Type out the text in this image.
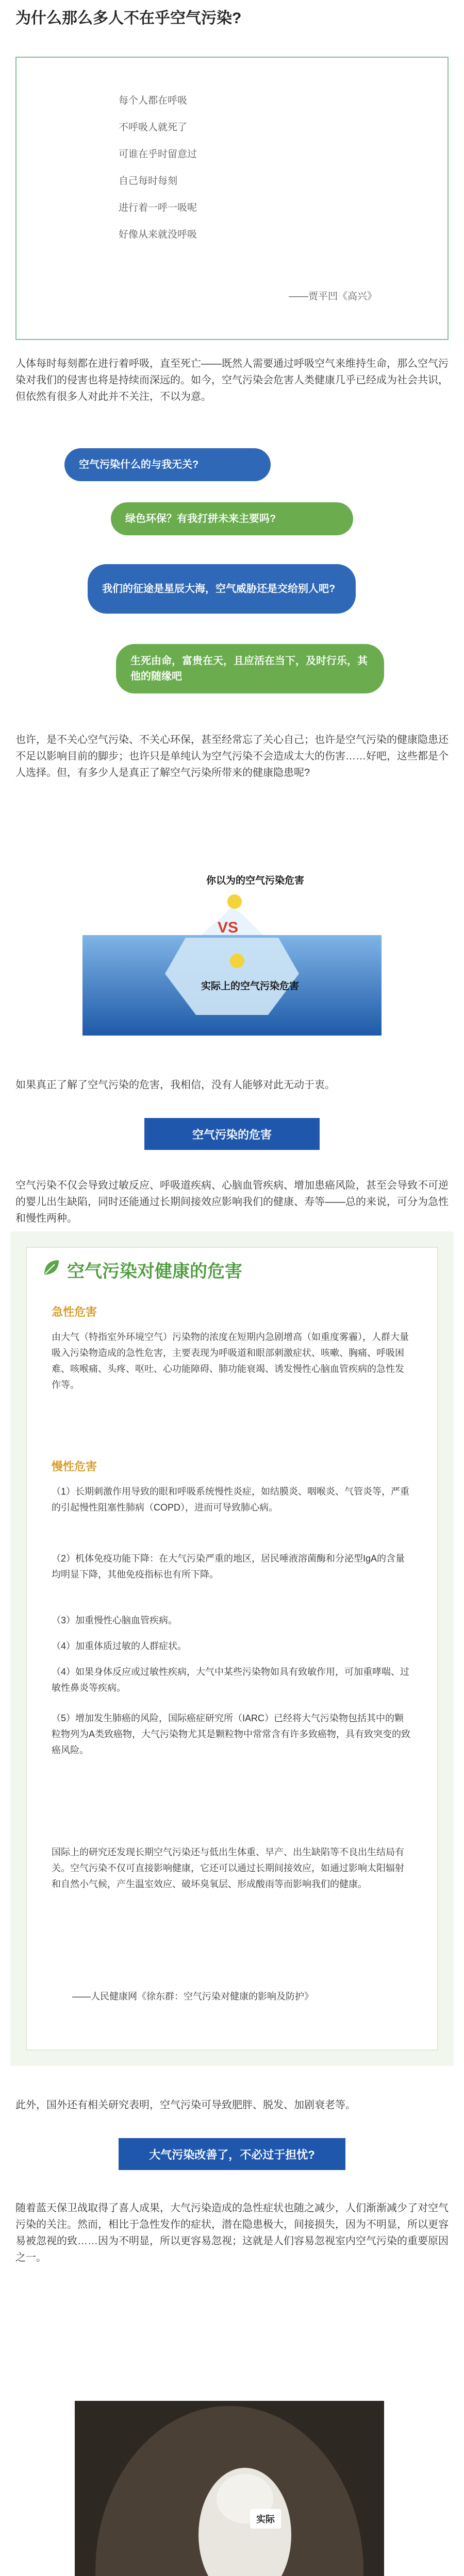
为什么那么多人不在乎空气污染?
每个人都在呼吸
不呼吸人就死了
可谁在乎时留意过
自己每时每刻
进行着一呼一吸呢
好像从来就没呼吸
——贾平凹《高兴》
人体每时每刻都在进行着呼吸，直至死亡——既然人需要通过呼吸空气来维持生命，那么空气污染对我们的侵害也将是持续而深远的。如今，空气污染会危害人类健康几乎已经成为社会共识，但依然有很多人对此并不关注，不以为意。
空气污染什么的与我无关?
绿色环保？有我打拼未来主要吗?
我们的征途是星辰大海，空气威胁还是交给别人吧?
生死由命，富贵在天，且应活在当下，及时行乐，其他的随缘吧
也许，是不关心空气污染、不关心环保，甚至经常忘了关心自己；也许是空气污染的健康隐患还不足以影响目前的脚步；也许只是单纯认为空气污染不会造成太大的伤害……好吧，这些都是个人选择。但，有多少人是真正了解空气污染所带来的健康隐患呢?
你以为的空气污染危害
VS
实际上的空气污染危害
如果真正了解了空气污染的危害，我相信，没有人能够对此无动于衷。
空气污染的危害
空气污染不仅会导致过敏反应、呼吸道疾病、心脑血管疾病、增加患癌风险，甚至会导致不可逆的婴儿出生缺陷，同时还能通过长期间接效应影响我们的健康、寿等——总的来说，可分为急性和慢性两种。
空气污染对健康的危害
急性危害
由大气（特指室外环境空气）污染物的浓度在短期内急剧增高（如重度雾霾），人群大量吸入污染物造成的急性危害，主要表现为呼吸道和眼部刺激症状、咳嗽、胸痛、呼吸困难、咳喉痛、头疼、呕吐、心功能障碍、肺功能衰竭、诱发慢性心脑血管疾病的急性发作等。
慢性危害
（1）长期刺激作用导致的眼和呼吸系统慢性炎症，如结膜炎、咽喉炎、气管炎等，严重的引起慢性阻塞性肺病（COPD），进而可导致肺心病。
（2）机体免疫功能下降：在大气污染严重的地区，居民唾液溶菌酶和分泌型IgA的含量均明显下降，其他免疫指标也有所下降。
（3）加重慢性心脑血管疾病。
（4）加重体质过敏的人群症状。
（4）如果身体反应或过敏性疾病，大气中某些污染物如具有致敏作用，可加重哮喘、过敏性鼻炎等疾病。
（5）增加发生肺癌的风险，国际癌症研究所（IARC）已经将大气污染物包括其中的颗粒物列为A类致癌物，大气污染物尤其是颗粒物中常常含有许多致癌物，具有致突变的致癌风险。
国际上的研究还发现长期空气污染还与低出生体重、早产、出生缺陷等不良出生结局有关。空气污染不仅可直接影响健康，它还可以通过长期间接效应，如通过影响太阳辐射和自然小气候，产生温室效应、破坏臭氧层、形成酸雨等而影响我们的健康。
——人民健康网《徐东群：空气污染对健康的影响及防护》
此外，国外还有相关研究表明，空气污染可导致肥胖、脱发、加剧衰老等。
大气污染改善了，不必过于担忧?
随着蓝天保卫战取得了喜人成果，大气污染造成的急性症状也随之减少，人们渐渐减少了对空气污染的关注。然而，相比于急性发作的症状，潜在隐患极大，间接损失，因为不明显，所以更容易被忽视的致……因为不明显，所以更容易忽视；这就是人们容易忽视室内空气污染的重要原因之一。
实际
